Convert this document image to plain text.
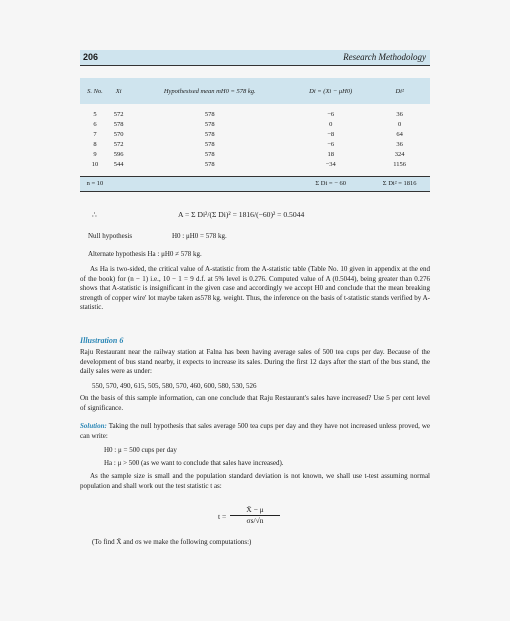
206	Research Methodology
S. No.	Xi	Hypothesised mean mH0 = 578 kg.	Di = (Xi − μH0)	Di²

5	572	578	−6	36
6	578	578	0	0
7	570	578	−8	64
8	572	578	−6	36
9	596	578	18	324
10	544	578	−34	1156

n = 10			Σ Di = − 60	Σ Di² = 1816
∴	A = Σ Di²/(Σ Di)² = 1816/(−60)² = 0.5044
Null hypothesis	H0 : μH0 = 578 kg.
Alternate hypothesis Ha : μH0 ≠ 578 kg.
As Ha is two-sided, the critical value of A-statistic from the A-statistic table (Table No. 10 given in appendix at the end of the book) for (n − 1) i.e., 10 − 1 = 9 d.f. at 5% level is 0.276. Computed value of A (0.5044), being greater than 0.276 shows that A-statistic is insignificant in the given case and accordingly we accept H0 and conclude that the mean breaking strength of copper wire' lot maybe taken as578 kg. weight. Thus, the inference on the basis of t-statistic stands verified by A-statistic.
Illustration 6
Raju Restaurant near the railway station at Falna has been having average sales of 500 tea cups per day. Because of the development of bus stand nearby, it expects to increase its sales. During the first 12 days after the start of the bus stand, the daily sales were as under:
550, 570, 490, 615, 505, 580, 570, 460, 600, 580, 530, 526
On the basis of this sample information, can one conclude that Raju Restaurant's sales have increased? Use 5 per cent level of significance.
Solution: Taking the null hypothesis that sales average 500 tea cups per day and they have not increased unless proved, we can write:
H0 : μ = 500 cups per day
Ha : μ > 500 (as we want to conclude that sales have increased).
As the sample size is small and the population standard deviation is not known, we shall use t-test assuming normal population and shall work out the test statistic t as:
$t = \frac{X̄ - \mu}{\sigma s/√n}$
(To find X̄ and σs we make the following computations:)
